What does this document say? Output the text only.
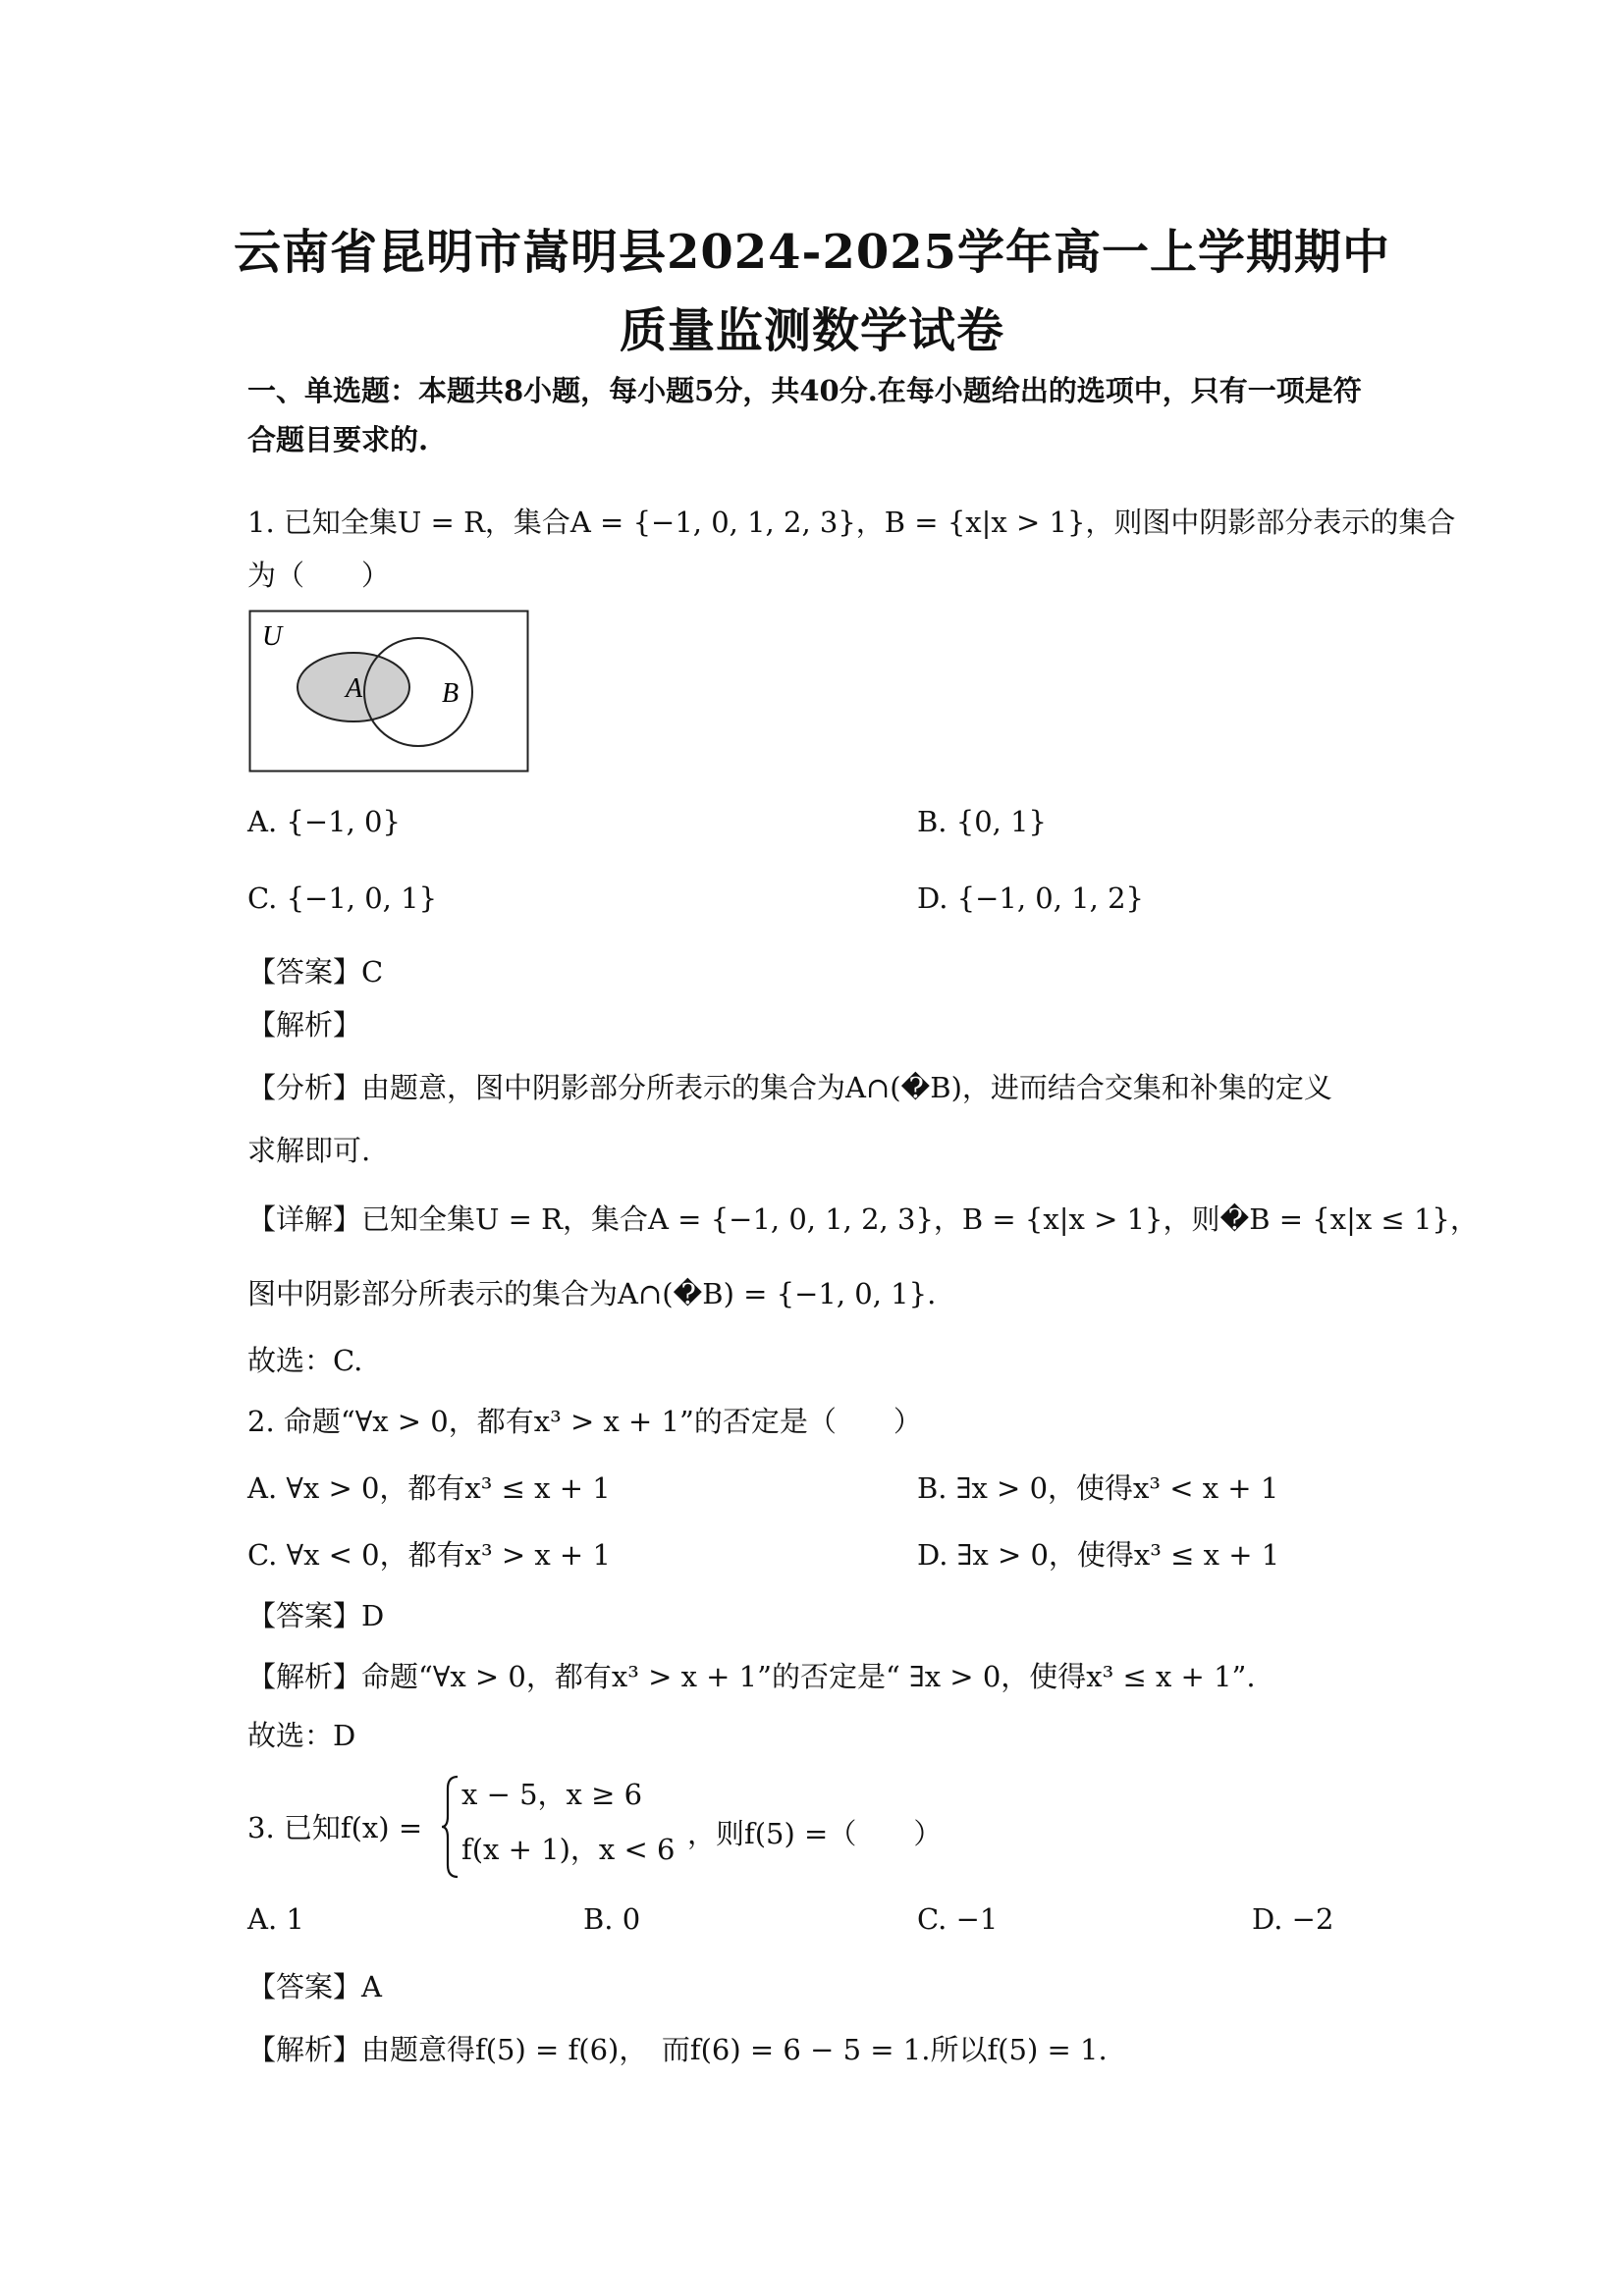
云南省昆明市嵩明县2024-2025学年高一上学期期中
质量监测数学试卷
一、单选题：本题共8小题，每小题5分，共40分.在每小题给出的选项中，只有一项是符
合题目要求的.
1. 已知全集U = R，集合A = {−1, 0, 1, 2, 3}，B = {x|x > 1}，则图中阴影部分表示的集合
为（　　）
U
A	B
A. {−1, 0}	B. {0, 1}
C. {−1, 0, 1}	D. {−1, 0, 1, 2}
【答案】C
【解析】
【分析】由题意，图中阴影部分所表示的集合为A∩(�B)，进而结合交集和补集的定义
求解即可.
【详解】已知全集U = R，集合A = {−1, 0, 1, 2, 3}，B = {x|x > 1}，则�B = {x|x ≤ 1}，
图中阴影部分所表示的集合为A∩(�B) = {−1, 0, 1}.
故选：C.
2. 命题“∀x > 0，都有x³ > x + 1”的否定是（　　）
A. ∀x > 0，都有x³ ≤ x + 1	B. ∃x > 0，使得x³ < x + 1
C. ∀x < 0，都有x³ > x + 1	D. ∃x > 0，使得x³ ≤ x + 1
【答案】D
【解析】命题“∀x > 0，都有x³ > x + 1”的否定是“ ∃x > 0，使得x³ ≤ x + 1”.
故选：D
3. 已知f(x) =
x − 5，x ≥ 6
f(x + 1)，x < 6 ，则f(5) =（　　）
A. 1	B. 0	C. −1	D. −2
【答案】A
【解析】由题意得f(5) = f(6)，　而f(6) = 6 − 5 = 1.所以f(5) = 1.
